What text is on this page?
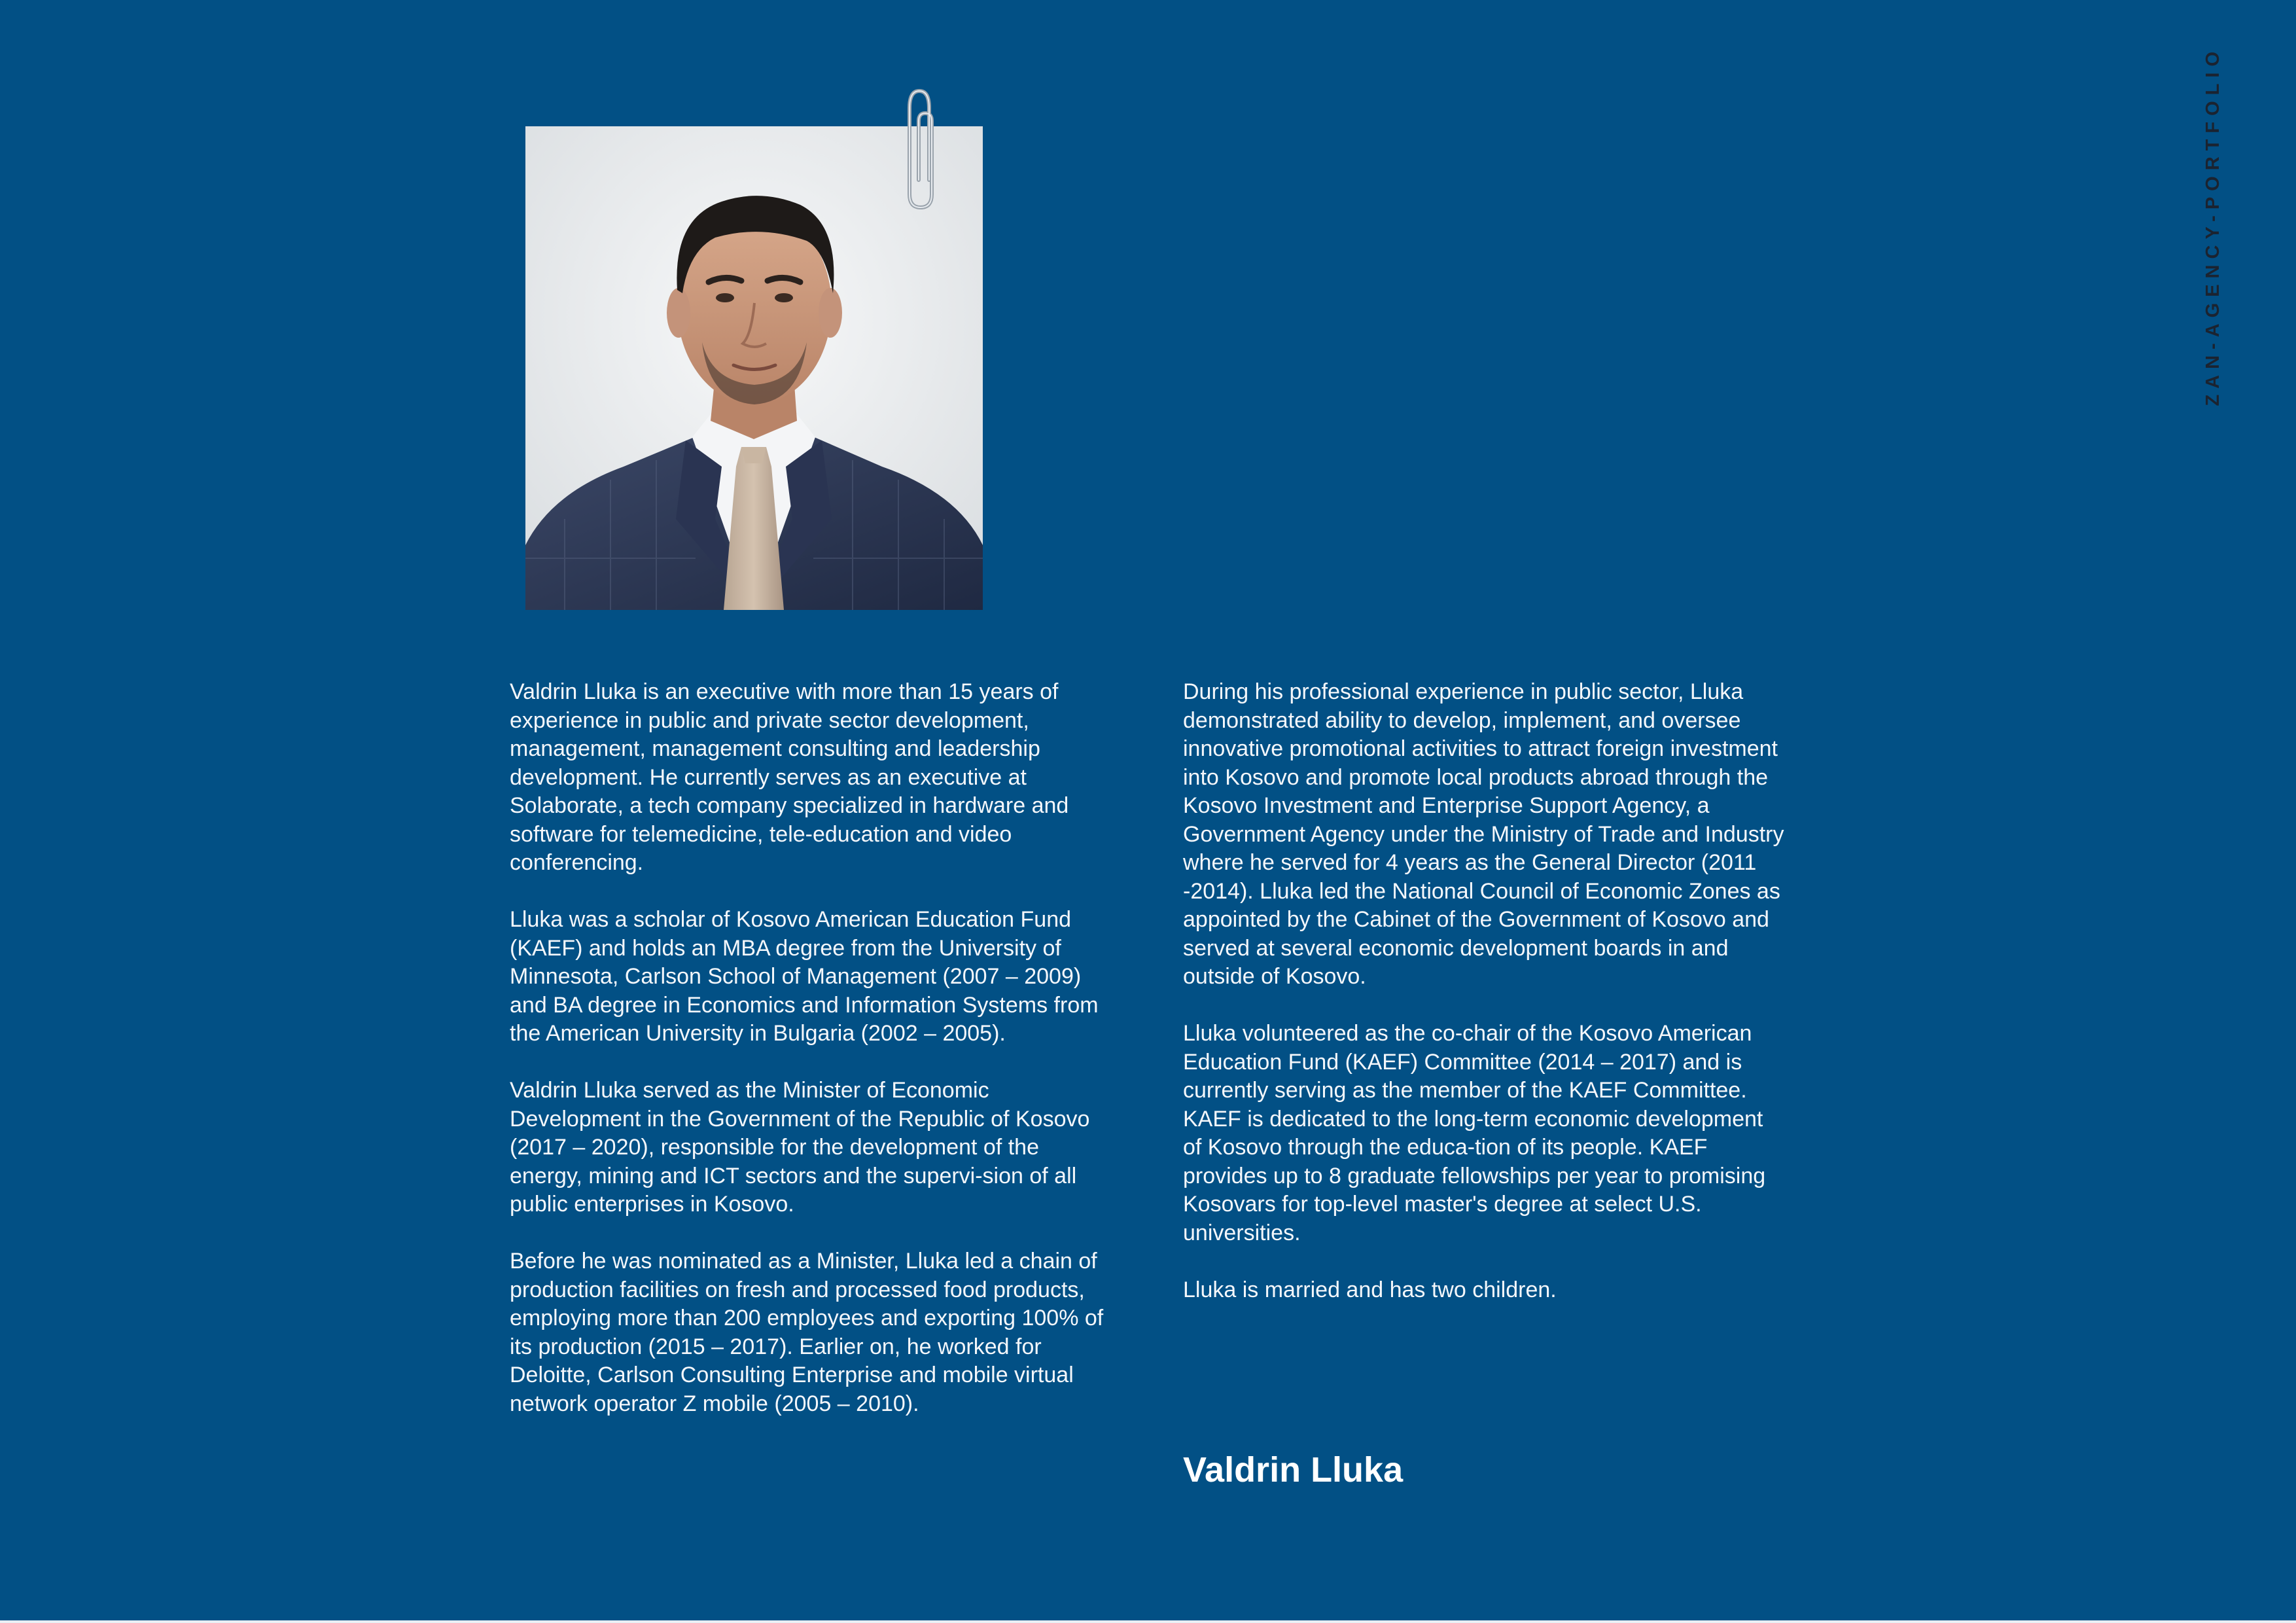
ZAN-AGENCY-PORTFOLIO

Valdrin Lluka is an executive with more than 15 years of experience in public and private sector development, management, management consulting and leadership development. He currently serves as an executive at Solaborate, a tech company specialized in hardware and software for telemedicine, tele-education and video conferencing.

Lluka was a scholar of Kosovo American Education Fund (KAEF) and holds an MBA degree from the University of Minnesota, Carlson School of Management (2007 – 2009) and BA degree in Economics and Information Systems from the American University in Bulgaria (2002 – 2005).

Valdrin Lluka served as the Minister of Economic Development in the Government of the Republic of Kosovo (2017 – 2020), responsible for the development of the energy, mining and ICT sectors and the supervi-sion of all public enterprises in Kosovo.

Before he was nominated as a Minister, Lluka led a chain of production facilities on fresh and processed food products, employing more than 200 employees and exporting 100% of its production (2015 – 2017). Earlier on, he worked for Deloitte, Carlson Consulting Enterprise and mobile virtual network operator Z mobile (2005 – 2010).

During his professional experience in public sector, Lluka demonstrated ability to develop, implement, and oversee innovative promotional activities to attract foreign investment into Kosovo and promote local products abroad through the Kosovo Investment and Enterprise Support Agency, a Government Agency under the Ministry of Trade and Industry where he served for 4 years as the General Director (2011 -2014). Lluka led the National Council of Economic Zones as appointed by the Cabinet of the Government of Kosovo and served at several economic development boards in and outside of Kosovo.

Lluka volunteered as the co-chair of the Kosovo American Education Fund (KAEF) Committee (2014 – 2017) and is currently serving as the member of the KAEF Committee. KAEF is dedicated to the long-term economic development of Kosovo through the educa-tion of its people. KAEF provides up to 8 graduate fellowships per year to promising Kosovars for top-level master's degree at select U.S. universities.

Lluka is married and has two children.

Valdrin Lluka
